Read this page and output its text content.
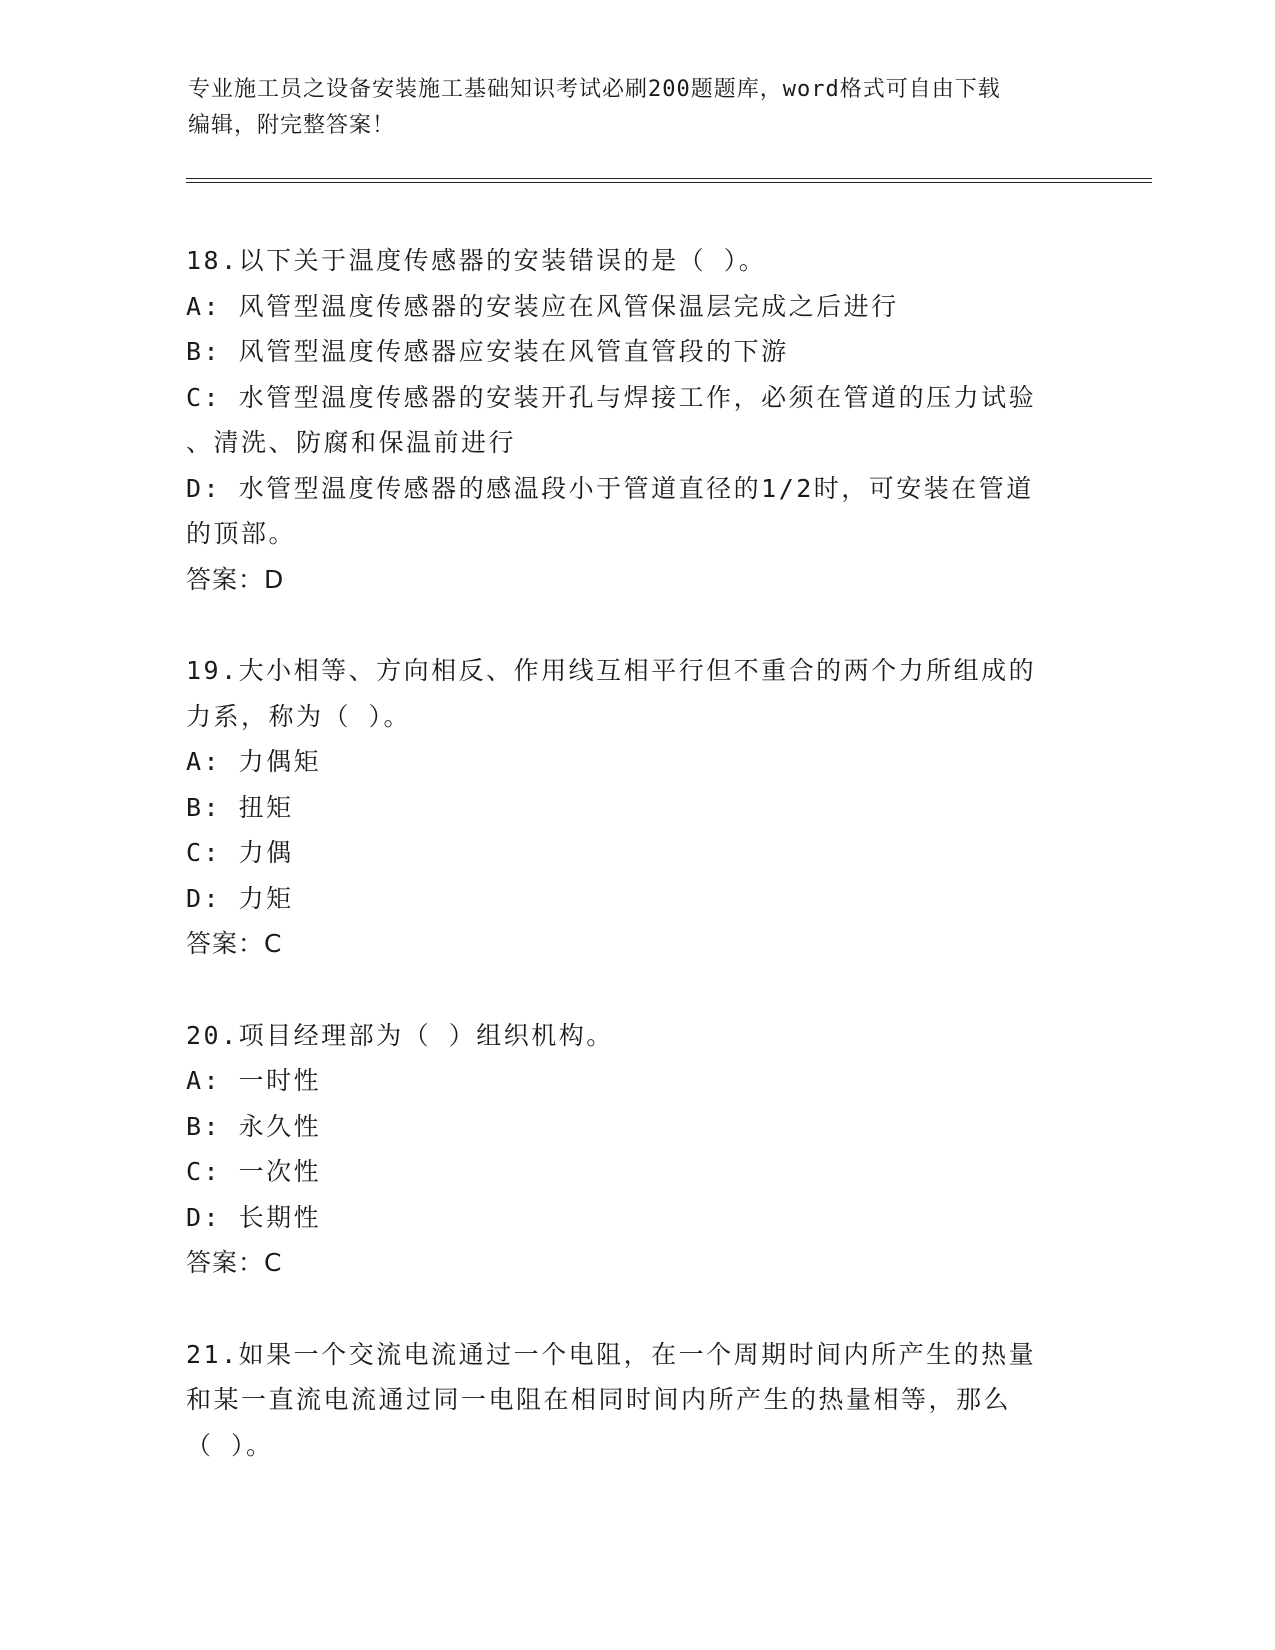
专业施工员之设备安装施工基础知识考试必刷200题题库，word格式可自由下载
编辑，附完整答案！
18.以下关于温度传感器的安装错误的是（ ）。
A: 风管型温度传感器的安装应在风管保温层完成之后进行
B: 风管型温度传感器应安装在风管直管段的下游
C: 水管型温度传感器的安装开孔与焊接工作，必须在管道的压力试验
、清洗、防腐和保温前进行
D: 水管型温度传感器的感温段小于管道直径的1/2时，可安装在管道
的顶部。
答案：D
19.大小相等、方向相反、作用线互相平行但不重合的两个力所组成的
力系，称为（ ）。
A: 力偶矩
B: 扭矩
C: 力偶
D: 力矩
答案：C
20.项目经理部为（ ）组织机构。
A: 一时性
B: 永久性
C: 一次性
D: 长期性
答案：C
21.如果一个交流电流通过一个电阻，在一个周期时间内所产生的热量
和某一直流电流通过同一电阻在相同时间内所产生的热量相等，那么
（ ）。
